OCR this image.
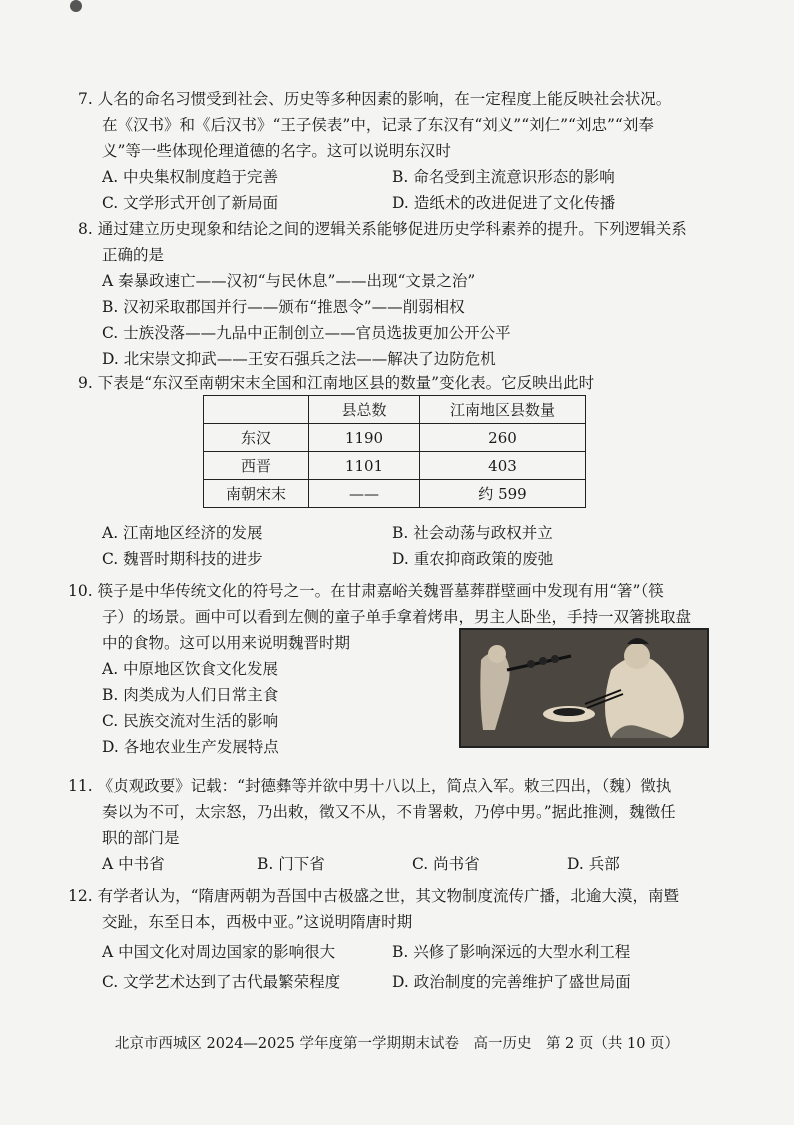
7. 人名的命名习惯受到社会、历史等多种因素的影响，在一定程度上能反映社会状况。
在《汉书》和《后汉书》“王子侯表”中，记录了东汉有“刘义”“刘仁”“刘忠”“刘奉
义”等一些体现伦理道德的名字。这可以说明东汉时
A. 中央集权制度趋于完善	B. 命名受到主流意识形态的影响
C. 文学形式开创了新局面	D. 造纸术的改进促进了文化传播
8. 通过建立历史现象和结论之间的逻辑关系能够促进历史学科素养的提升。下列逻辑关系
正确的是
A 秦暴政速亡——汉初“与民休息”——出现“文景之治”
B. 汉初采取郡国并行——颁布“推恩令”——削弱相权
C. 士族没落——九品中正制创立——官员选拔更加公开公平
D. 北宋崇文抑武——王安石强兵之法——解决了边防危机
9. 下表是“东汉至南朝宋末全国和江南地区县的数量”变化表。它反映出此时
	县总数	江南地区县数量
东汉	1190	260
西晋	1101	403
南朝宋末	——	约 599
A. 江南地区经济的发展	B. 社会动荡与政权并立
C. 魏晋时期科技的进步	D. 重农抑商政策的废弛
10. 筷子是中华传统文化的符号之一。在甘肃嘉峪关魏晋墓葬群壁画中发现有用“箸”（筷
子）的场景。画中可以看到左侧的童子单手拿着烤串，男主人卧坐，手持一双箸挑取盘
中的食物。这可以用来说明魏晋时期
A. 中原地区饮食文化发展
B. 肉类成为人们日常主食
C. 民族交流对生活的影响
D. 各地农业生产发展特点
11. 《贞观政要》记载：“封德彝等并欲中男十八以上，简点入军。敕三四出，（魏）徵执
奏以为不可，太宗怒，乃出敕，徵又不从，不肯署敕，乃停中男。”据此推测，魏徵任
职的部门是
A 中书省	B. 门下省	C. 尚书省	D. 兵部
12. 有学者认为，“隋唐两朝为吾国中古极盛之世，其文物制度流传广播，北逾大漠，南暨
交趾，东至日本，西极中亚。”这说明隋唐时期
A 中国文化对周边国家的影响很大	B. 兴修了影响深远的大型水利工程
C. 文学艺术达到了古代最繁荣程度	D. 政治制度的完善维护了盛世局面
北京市西城区 2024—2025 学年度第一学期期末试卷　高一历史　第 2 页（共 10 页）
